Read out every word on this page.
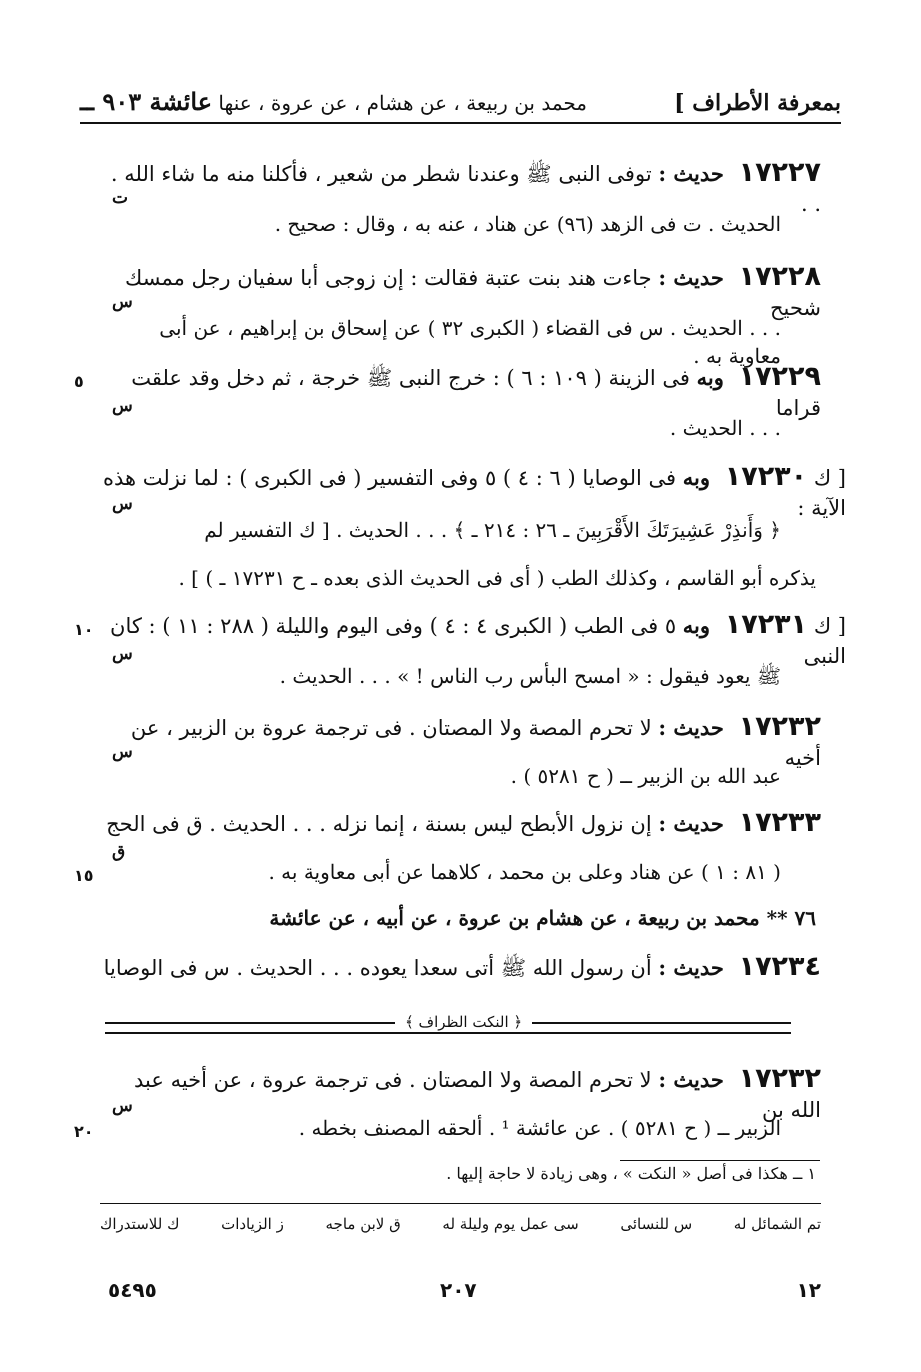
بمعرفة الأطراف ]
محمد بن ربيعة ، عن هشام ، عن عروة ، عنها عائشة ٩٠٣ ــ
١٧٢٢٧ حديث : توفى النبى ﷺ وعندنا شطر من شعير ، فأكلنا منه ما شاء الله . . .
ت
الحديث . ت فى الزهد (٩٦) عن هناد ، عنه به ، وقال : صحيح .
١٧٢٢٨ حديث : جاءت هند بنت عتبة فقالت : إن زوجى أبا سفيان رجل ممسك شحيح
س
. . . الحديث . س فى القضاء ( الكبرى ٣٢ ) عن إسحاق بن إبراهيم ، عن أبى معاوية به .
١٧٢٢٩ وبه فى الزينة ( ١٠٩ : ٦ ) : خرج النبى ﷺ خرجة ، ثم دخل وقد علقت قراما
٥
س
. . . الحديث .
[ ك ١٧٢٣٠ وبه فى الوصايا ( ٦ : ٤ ) ٥ وفى التفسير ( فى الكبرى ) : لما نزلت هذه الآية :
س
﴿ وَأَنذِرْ عَشِيرَتَكَ الأَقْرَبِينَ ـ ٢٦ : ٢١٤ ـ ﴾ . . . الحديث . [ ك التفسير لم
يذكره أبو القاسم ، وكذلك الطب ( أى فى الحديث الذى بعده ـ ح ١٧٢٣١ ـ ) ] .
[ ك ١٧٢٣١ وبه ٥ فى الطب ( الكبرى ٤ : ٤ ) وفى اليوم والليلة ( ٢٨٨ : ١١ ) : كان النبى
١٠
س
ﷺ يعود فيقول : « امسح البأس رب الناس ! » . . . الحديث .
١٧٢٣٢ حديث : لا تحرم المصة ولا المصتان . فى ترجمة عروة بن الزبير ، عن أخيه
س
عبد الله بن الزبير ــ ( ح ٥٢٨١ ) .
١٧٢٣٣ حديث : إن نزول الأبطح ليس بسنة ، إنما نزله . . . الحديث . ق فى الحج
ق
١٥	( ٨١ : ١ ) عن هناد وعلى بن محمد ، كلاهما عن أبى معاوية به .
٧٦ ** محمد بن ربيعة ، عن هشام بن عروة ، عن أبيه ، عن عائشة
١٧٢٣٤ حديث : أن رسول الله ﷺ أتى سعدا يعوده . . . الحديث . س فى الوصايا
﴿ النكت الظراف ﴾
١٧٢٣٢ حديث : لا تحرم المصة ولا المصتان . فى ترجمة عروة ، عن أخيه عبد الله بن
س
٢٠	الزبير ــ ( ح ٥٢٨١ ) . عن عائشة ¹ . ألحقه المصنف بخطه .
١ ــ هكذا فى أصل « النكت » ، وهى زيادة لا حاجة إليها .
تم الشمائل له
س للنسائى
سى عمل يوم وليلة له
ق لابن ماجه
ز الزيادات
ك للاستدراك
٥٤٩٥	٢٠٧	١٢
